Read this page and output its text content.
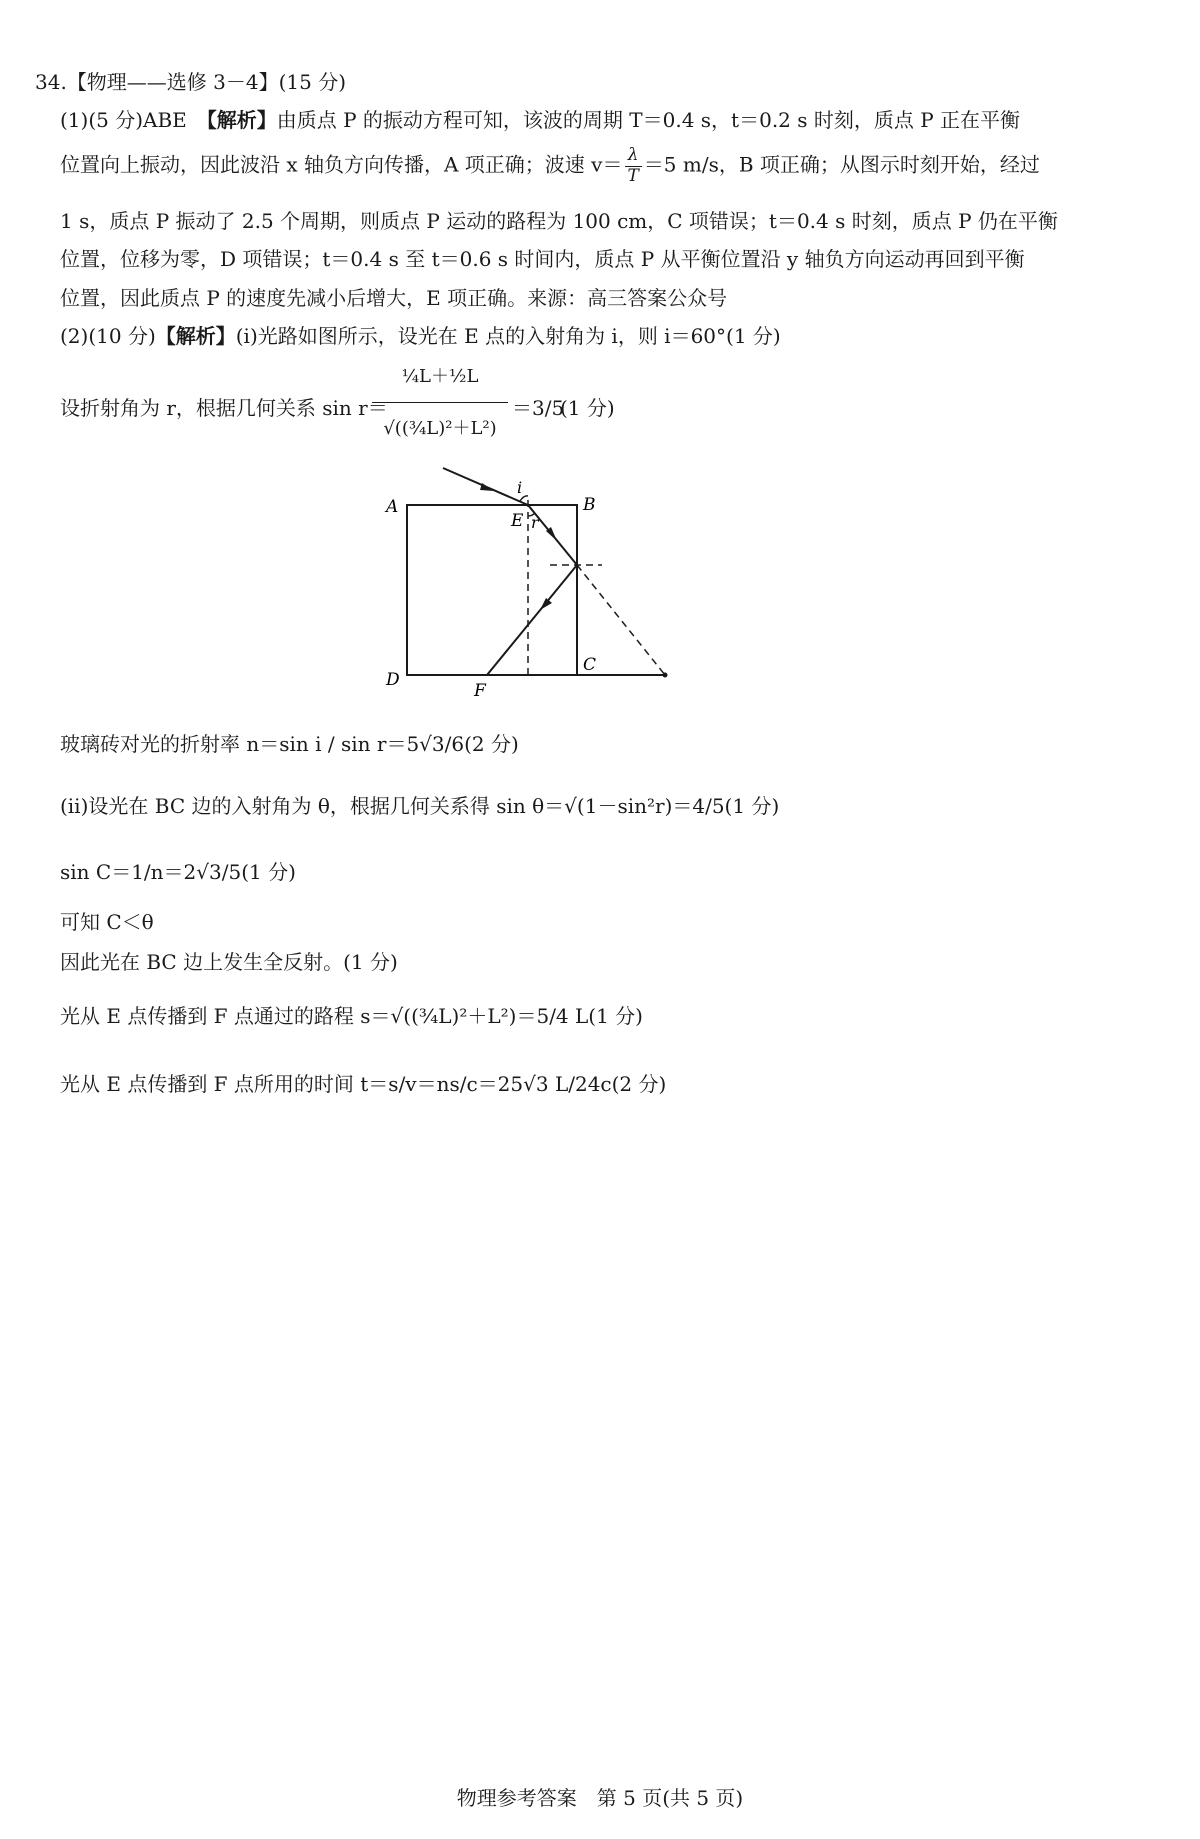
34.【物理——选修 3－4】(15 分)
(1)(5 分)ABE　【解析】由质点 P 的振动方程可知，该波的周期 T＝0.4 s，t＝0.2 s 时刻，质点 P 正在平衡
位置向上振动，因此波沿 x 轴负方向传播，A 项正确；波速 $v= \frac{\lambda}{T} =5$ m/s，B 项正确；从图示时刻开始，经过
1 s，质点 P 振动了 2.5 个周期，则质点 P 运动的路程为 100 cm，C 项错误；t＝0.4 s 时刻，质点 P 仍在平衡
位置，位移为零，D 项错误；t＝0.4 s 至 t＝0.6 s 时间内，质点 P 从平衡位置沿 y 轴负方向运动再回到平衡
位置，因此质点 P 的速度先减小后增大，E 项正确。来源：高三答案公众号
(2)(10 分)【解析】(ⅰ)光路如图所示，设光在 E 点的入射角为 i，则 i＝60°(1 分)
设折射角为 r，根据几何关系 sin r＝
¼L＋½L
√((¾L)²＋L²)
＝3/5
(1 分)
A	B
C
D
E
F
i
r
玻璃砖对光的折射率 n＝sin i / sin r＝5√3/6(2 分)
(ⅱ)设光在 BC 边的入射角为 θ，根据几何关系得 sin θ＝√(1－sin²r)＝4/5(1 分)
sin C＝1/n＝2√3/5(1 分)
可知 C＜θ
因此光在 BC 边上发生全反射。(1 分)
光从 E 点传播到 F 点通过的路程 s＝√((¾L)²＋L²)＝5/4 L(1 分)
光从 E 点传播到 F 点所用的时间 t＝s/v＝ns/c＝25√3 L/24c(2 分)
物理参考答案　第 5 页(共 5 页)
